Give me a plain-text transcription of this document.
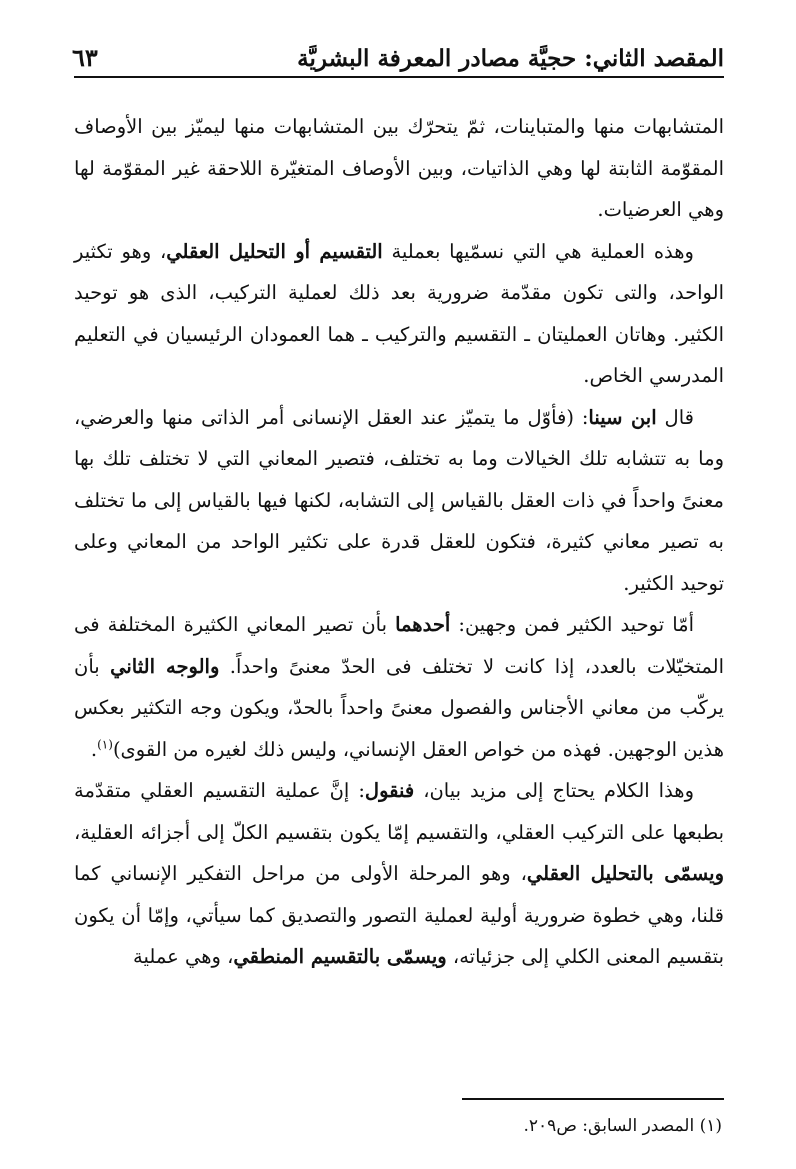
المقصد الثاني: حجيَّة مصادر المعرفة البشريَّة
٦٣

المتشابهات منها والمتباينات، ثمّ يتحرّك بين المتشابهات منها ليميّز بين الأوصاف المقوّمة الثابتة لها وهي الذاتيات، وبين الأوصاف المتغيّرة اللاحقة غير المقوّمة لها وهي العرضيات.

وهذه العملية هي التي نسمّيها بعملية التقسيم أو التحليل العقلي، وهو تكثير الواحد، والتى تكون مقدّمة ضرورية بعد ذلك لعملية التركيب، الذى هو توحيد الكثير. وهاتان العمليتان ـ التقسيم والتركيب ـ هما العمودان الرئيسيان في التعليم المدرسي الخاص.

قال ابن سينا: (فأوّل ما يتميّز عند العقل الإنسانى أمر الذاتى منها والعرضي، وما به تتشابه تلك الخيالات وما به تختلف، فتصير المعاني التي لا تختلف تلك بها معنىً واحداً في ذات العقل بالقياس إلى التشابه، لكنها فيها بالقياس إلى ما تختلف به تصير معاني كثيرة، فتكون للعقل قدرة على تكثير الواحد من المعاني وعلى توحيد الكثير.

أمّا توحيد الكثير فمن وجهين: أحدهما بأن تصير المعاني الكثيرة المختلفة فى المتخيّلات بالعدد، إذا كانت لا تختلف فى الحدّ معنىً واحداً. والوجه الثاني بأن يركّب من معاني الأجناس والفصول معنىً واحداً بالحدّ، ويكون وجه التكثير بعكس هذين الوجهين. فهذه من خواص العقل الإنساني، وليس ذلك لغيره من القوى)$^{(١)}$.

وهذا الكلام يحتاج إلى مزيد بيان، فنقول: إنَّ عملية التقسيم العقلي متقدّمة بطبعها على التركيب العقلي، والتقسيم إمّا يكون بتقسيم الكلّ إلى أجزائه العقلية، ويسمّى بالتحليل العقلي، وهو المرحلة الأولى من مراحل التفكير الإنساني كما قلنا، وهي خطوة ضرورية أولية لعملية التصور والتصديق كما سيأتي، وإمّا أن يكون بتقسيم المعنى الكلي إلى جزئياته، ويسمّى بالتقسيم المنطقي، وهي عملية

(١) المصدر السابق: ص٢٠٩.
